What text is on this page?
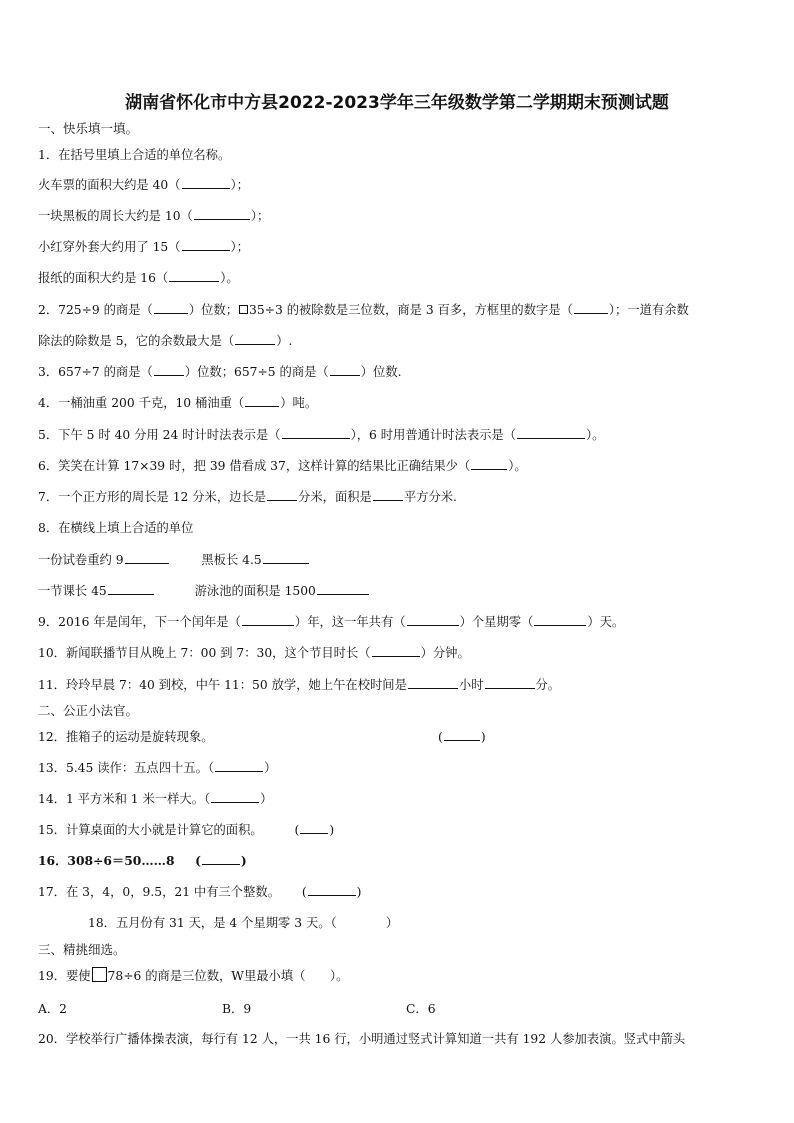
湖南省怀化市中方县2022-2023学年三年级数学第二学期期末预测试题
一、快乐填一填。
1．在括号里填上合适的单位名称。
火车票的面积大约是 40（	）；
一块黑板的周长大约是 10（	）；
小红穿外套大约用了 15（	）；
报纸的面积大约是 16（	）。
2．725÷9 的商是（	）位数； 35÷3 的被除数是三位数，商是 3 百多，方框里的数字是（	）；一道有余数
除法的除数是 5，它的余数最大是（	）.
3．657÷7 的商是（	）位数；657÷5 的商是（	）位数.
4．一桶油重 200 千克，10 桶油重（	）吨。
5．下午 5 时 40 分用 24 时计时法表示是（	），6 时用普通计时法表示是（	）。
6．笑笑在计算 17×39 时，把 39 借看成 37，这样计算的结果比正确结果少（	）。
7．一个正方形的周长是 12 分米，边长是	分米，面积是	平方分米.
8．在横线上填上合适的单位
一份试卷重约 9	黑板长 4.5
一节课长 45	游泳池的面积是 1500
9．2016 年是闰年，下一个闰年是（	）年，这一年共有（	）个星期零（	）天。
10．新闻联播节目从晚上 7：00 到 7：30，这个节目时长（	）分钟。
11．玲玲早晨 7：40 到校，中午 11：50 放学，她上午在校时间是	小时	分。
二、公正小法官。
12．推箱子的运动是旋转现象。	(	)
13．5.45 读作：五点四十五。（	）
14．1 平方米和 1 米一样大。（	）
15．计算桌面的大小就是计算它的面积。	( )
16．308÷6＝50……8 (	)
17．在 3，4，0，9.5，21 中有三个整数。 (	)
18．五月份有 31 天，是 4 个星期零 3 天。（　　　　）
三、精挑细选。
19．要使 78÷6 的商是三位数，W里最小填（　　）。
A．2	B．9	C．6
20．学校举行广播体操表演，每行有 12 人，一共 16 行，小明通过竖式计算知道一共有 192 人参加表演。竖式中箭头
